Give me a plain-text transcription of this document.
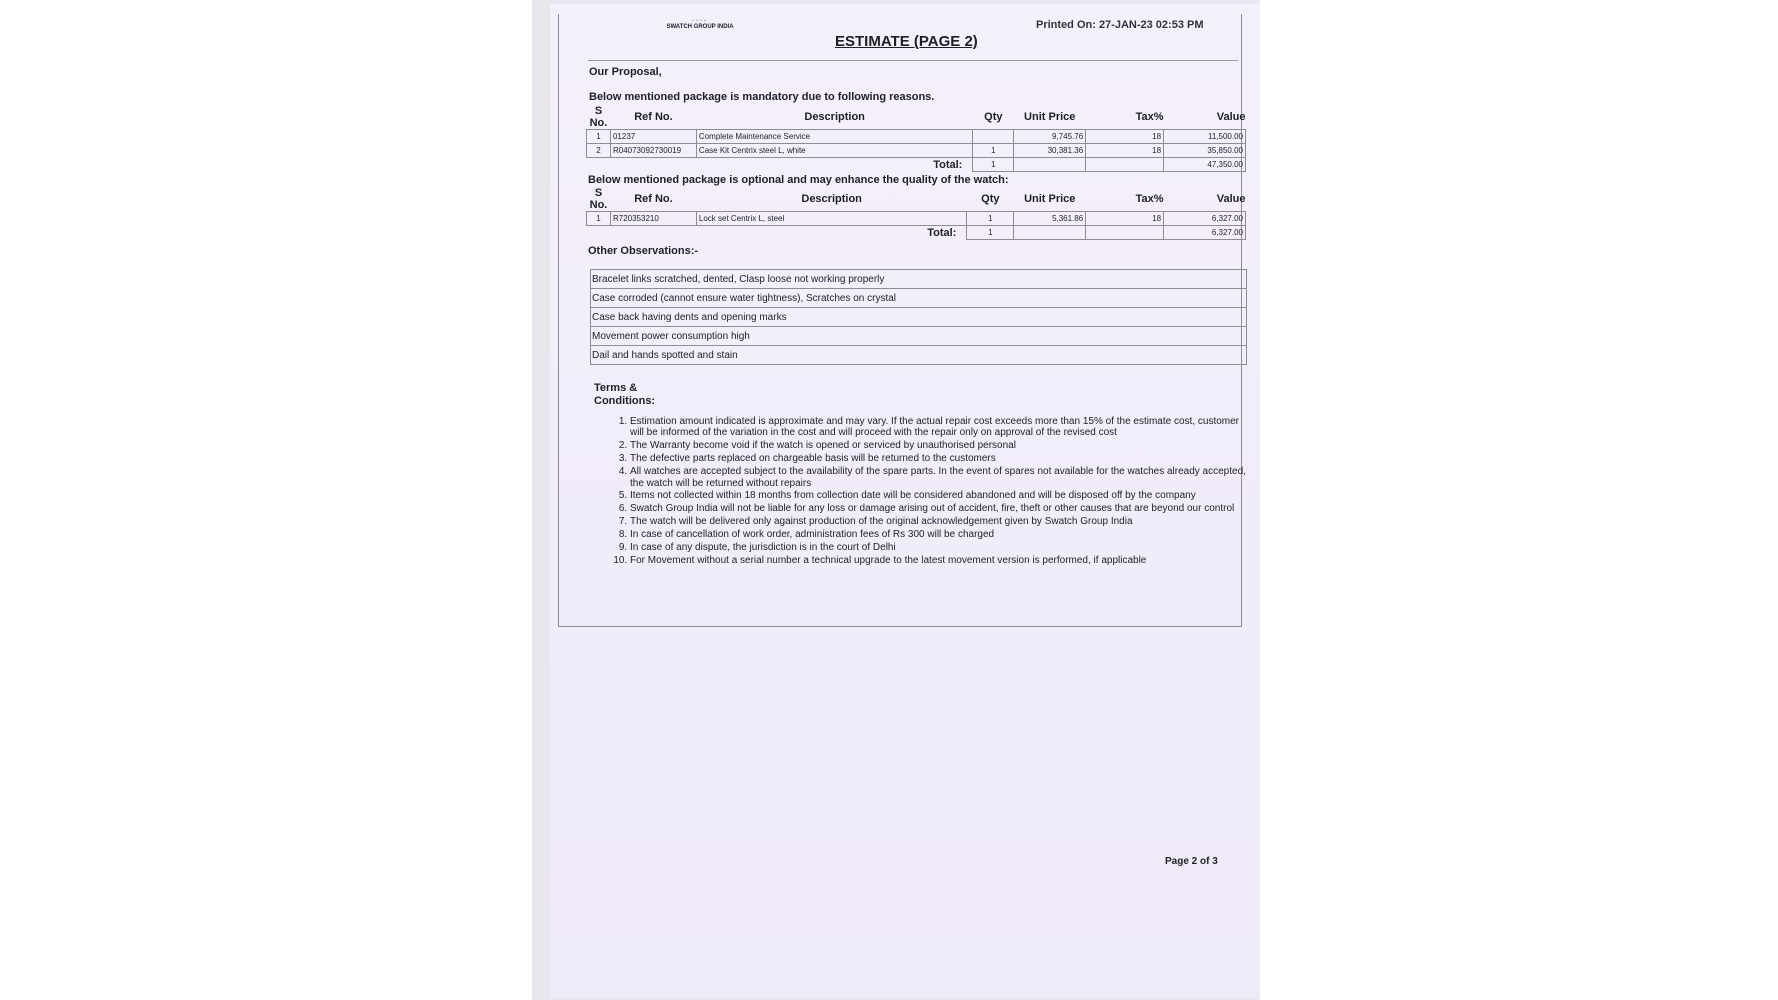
▫▫▫▫
SWATCH GROUP INDIA	Printed On: 27-JAN-23 02:53 PM
ESTIMATE (PAGE 2)
Our Proposal,
Below mentioned package is mandatory due to following reasons.
S No.	Ref No.	Description	Qty	Unit Price	Tax%	Value
1	01237	Complete Maintenance Service		9,745.76	18	11,500.00
2	R04073092730019	Case Kit Centrix steel L, white	1	30,381.36	18	35,850.00
Total:			1			47,350.00
Below mentioned package is optional and may enhance the quality of the watch:
S No.	Ref No.	Description	Qty	Unit Price	Tax%	Value
1	R720353210	Lock set Centrix L, steel	1	5,361.86	18	6,327.00
Total:			1			6,327.00
Other Observations:-
Bracelet links scratched, dented, Clasp loose not working properly
Case corroded (cannot ensure water tightness), Scratches on crystal
Case back having dents and opening marks
Movement power consumption high
Dail and hands spotted and stain
Terms &
Conditions:
1. Estimation amount indicated is approximate and may vary. If the actual repair cost exceeds more than 15% of the estimate cost, customer will be informed of the variation in the cost and will proceed with the repair only on approval of the revised cost
2. The Warranty become void if the watch is opened or serviced by unauthorised personal
3. The defective parts replaced on chargeable basis will be returned to the customers
4. All watches are accepted subject to the availability of the spare parts. In the event of spares not available for the watches already accepted, the watch will be returned without repairs
5. Items not collected within 18 months from collection date will be considered abandoned and will be disposed off by the company
6. Swatch Group India will not be liable for any loss or damage arising out of accident, fire, theft or other causes that are beyond our control
7. The watch will be delivered only against production of the original acknowledgement given by Swatch Group India
8. In case of cancellation of work order, administration fees of Rs 300 will be charged
9. In case of any dispute, the jurisdiction is in the court of Delhi
10. For Movement without a serial number a technical upgrade to the latest movement version is performed, if applicable
Page 2 of 3
